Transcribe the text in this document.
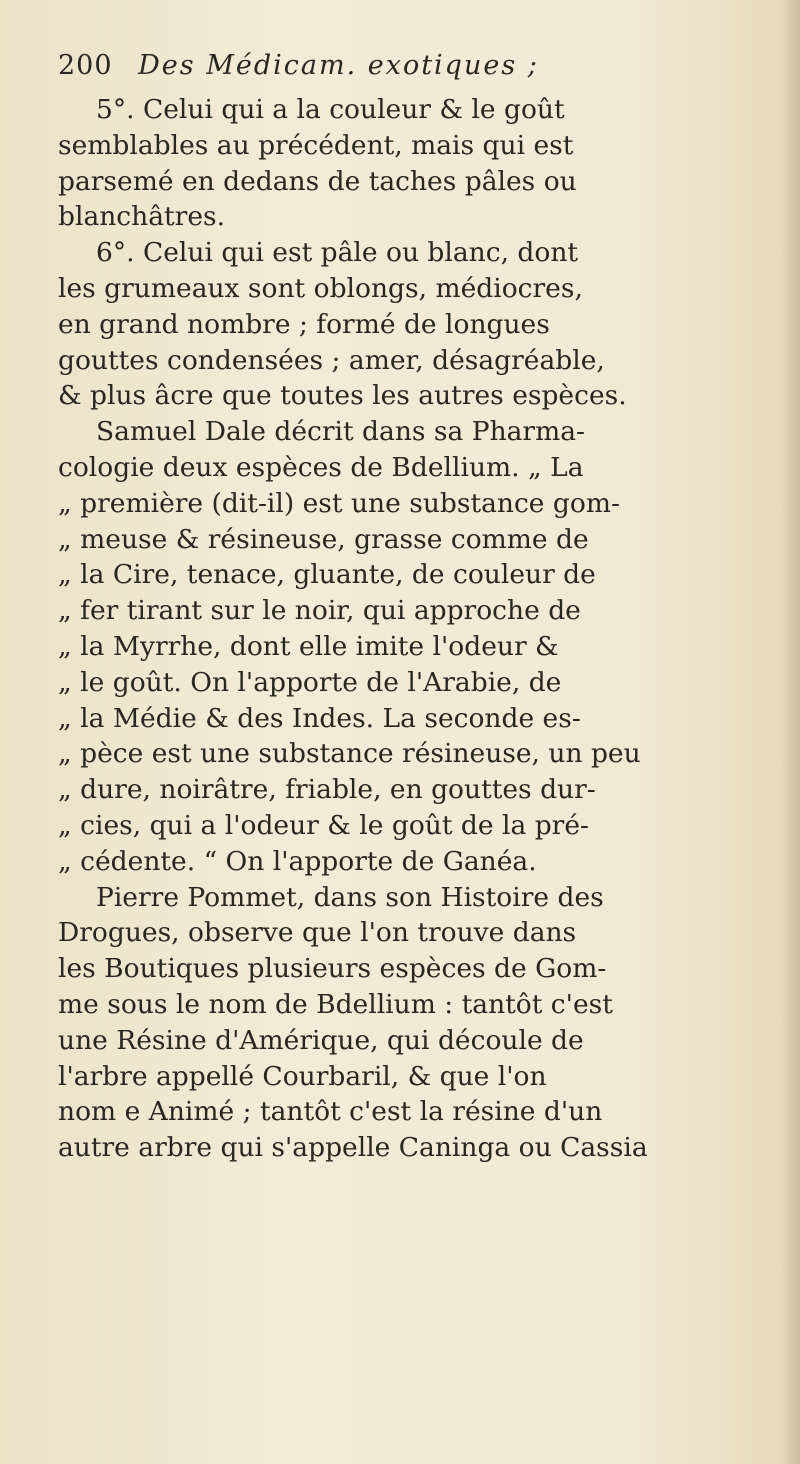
200 Des Médicam. exotiques ;
5°. Celui qui a la couleur & le goût
semblables au précédent, mais qui est
parsemé en dedans de taches pâles ou
blanchâtres.
6°. Celui qui est pâle ou blanc, dont
les grumeaux sont oblongs, médiocres,
en grand nombre ; formé de longues
gouttes condensées ; amer, désagréable,
& plus âcre que toutes les autres espèces.
Samuel Dale décrit dans sa Pharma-
cologie deux espèces de Bdellium. „ La
„ première (dit-il) est une substance gom-
„ meuse & résineuse, grasse comme de
„ la Cire, tenace, gluante, de couleur de
„ fer tirant sur le noir, qui approche de
„ la Myrrhe, dont elle imite l'odeur &
„ le goût. On l'apporte de l'Arabie, de
„ la Médie & des Indes. La seconde es-
„ pèce est une substance résineuse, un peu
„ dure, noirâtre, friable, en gouttes dur-
„ cies, qui a l'odeur & le goût de la pré-
„ cédente. “ On l'apporte de Ganéa.
Pierre Pommet, dans son Histoire des
Drogues, observe que l'on trouve dans
les Boutiques plusieurs espèces de Gom-
me sous le nom de Bdellium : tantôt c'est
une Résine d'Amérique, qui découle de
l'arbre appellé Courbaril, & que l'on
nom e Animé ; tantôt c'est la résine d'un
autre arbre qui s'appelle Caninga ou Cassia
